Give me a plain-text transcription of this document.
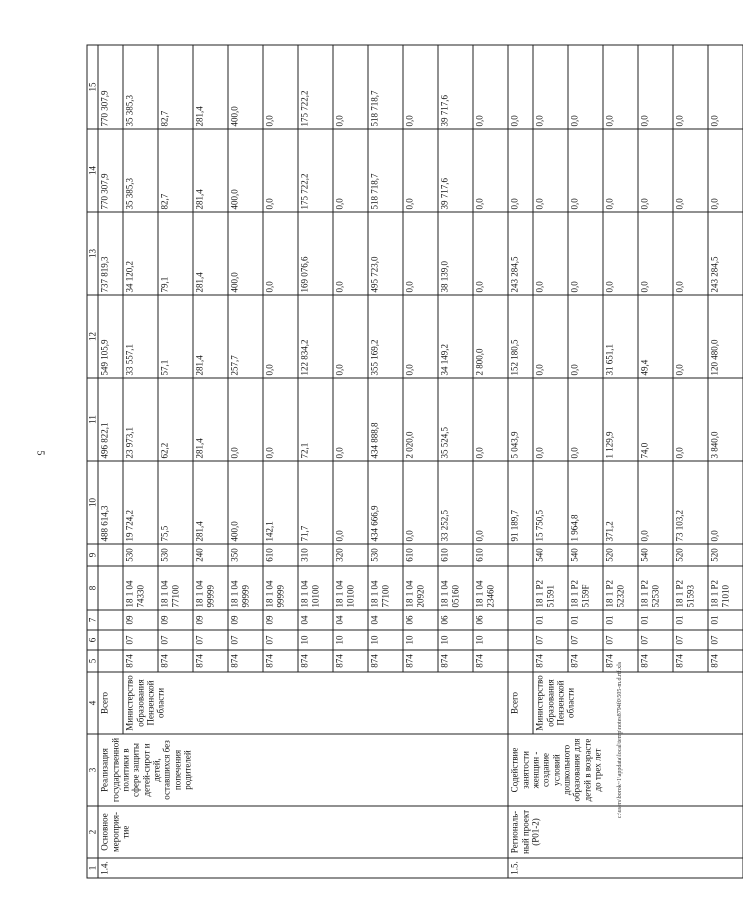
5
c:\users\borok~1\appdata\local\temp\notes8794f0\505-m.d.rtf.xls
1	2	3	4	5	6	7	8	9	10	11	12	13	14	15
1.4.	Основное мероприя-тие	Реализация государственной политики в сфере защиты детей-сирот и детей, оставшихся без попечения родителей	Всего						488 614,3	496 822,1	549 105,9	737 819,3	770 307,9	770 307,9
			Министерство образования Пензенской области	874	07	09	18 1 04 74330	530	19 724,2	23 973,1	33 557,1	34 120,2	35 385,3	35 385,3
				874	07	09	18 1 04 77100	530	75,5	62,2	57,1	79,1	82,7	82,7
				874	07	09	18 1 04 99999	240	281,4	281,4	281,4	281,4	281,4	281,4
				874	07	09	18 1 04 99999	350	400,0	0,0	257,7	400,0	400,0	400,0
				874	07	09	18 1 04 99999	610	142,1	0,0	0,0	0,0	0,0	0,0
				874	10	04	18 1 04 10100	310	71,7	72,1	122 834,2	169 076,6	175 722,2	175 722,2
				874	10	04	18 1 04 10100	320	0,0	0,0	0,0	0,0	0,0	0,0
				874	10	04	18 1 04 77100	530	434 666,9	434 888,8	355 169,2	495 723,0	518 718,7	518 718,7
				874	10	06	18 1 04 20920	610	0,0	2 020,0	0,0	0,0	0,0	0,0
				874	10	06	18 1 04 05160	610	33 252,5	35 524,5	34 149,2	38 139,0	39 717,6	39 717,6
				874	10	06	18 1 04 23460	610	0,0	0,0	2 800,0	0,0	0,0	0,0
1.5.	Региональ-ный проект (Р01-2)	Содействие занятости женщин - создание условий дошкольного образования для детей в возрасте до трех лет	Всего						91 189,7	5 043,9	152 180,5	243 284,5	0,0	0,0
			Министерство образования Пензенской области	874	07	01	18 1 P2 51591	540	15 750,5	0,0	0,0	0,0	0,0	0,0
				874	07	01	18 1 P2 5159F	540	1 964,8	0,0	0,0	0,0	0,0	0,0
				874	07	01	18 1 P2 52320	520	371,2	1 129,9	31 651,1	0,0	0,0	0,0
				874	07	01	18 1 P2 52530	540	0,0	74,0	49,4	0,0	0,0	0,0
				874	07	01	18 1 P2 51593	520	73 103,2	0,0	0,0	0,0	0,0	0,0
				874	07	01	18 1 P2 71010	520	0,0	3 840,0	120 480,0	243 284,5	0,0	0,0
